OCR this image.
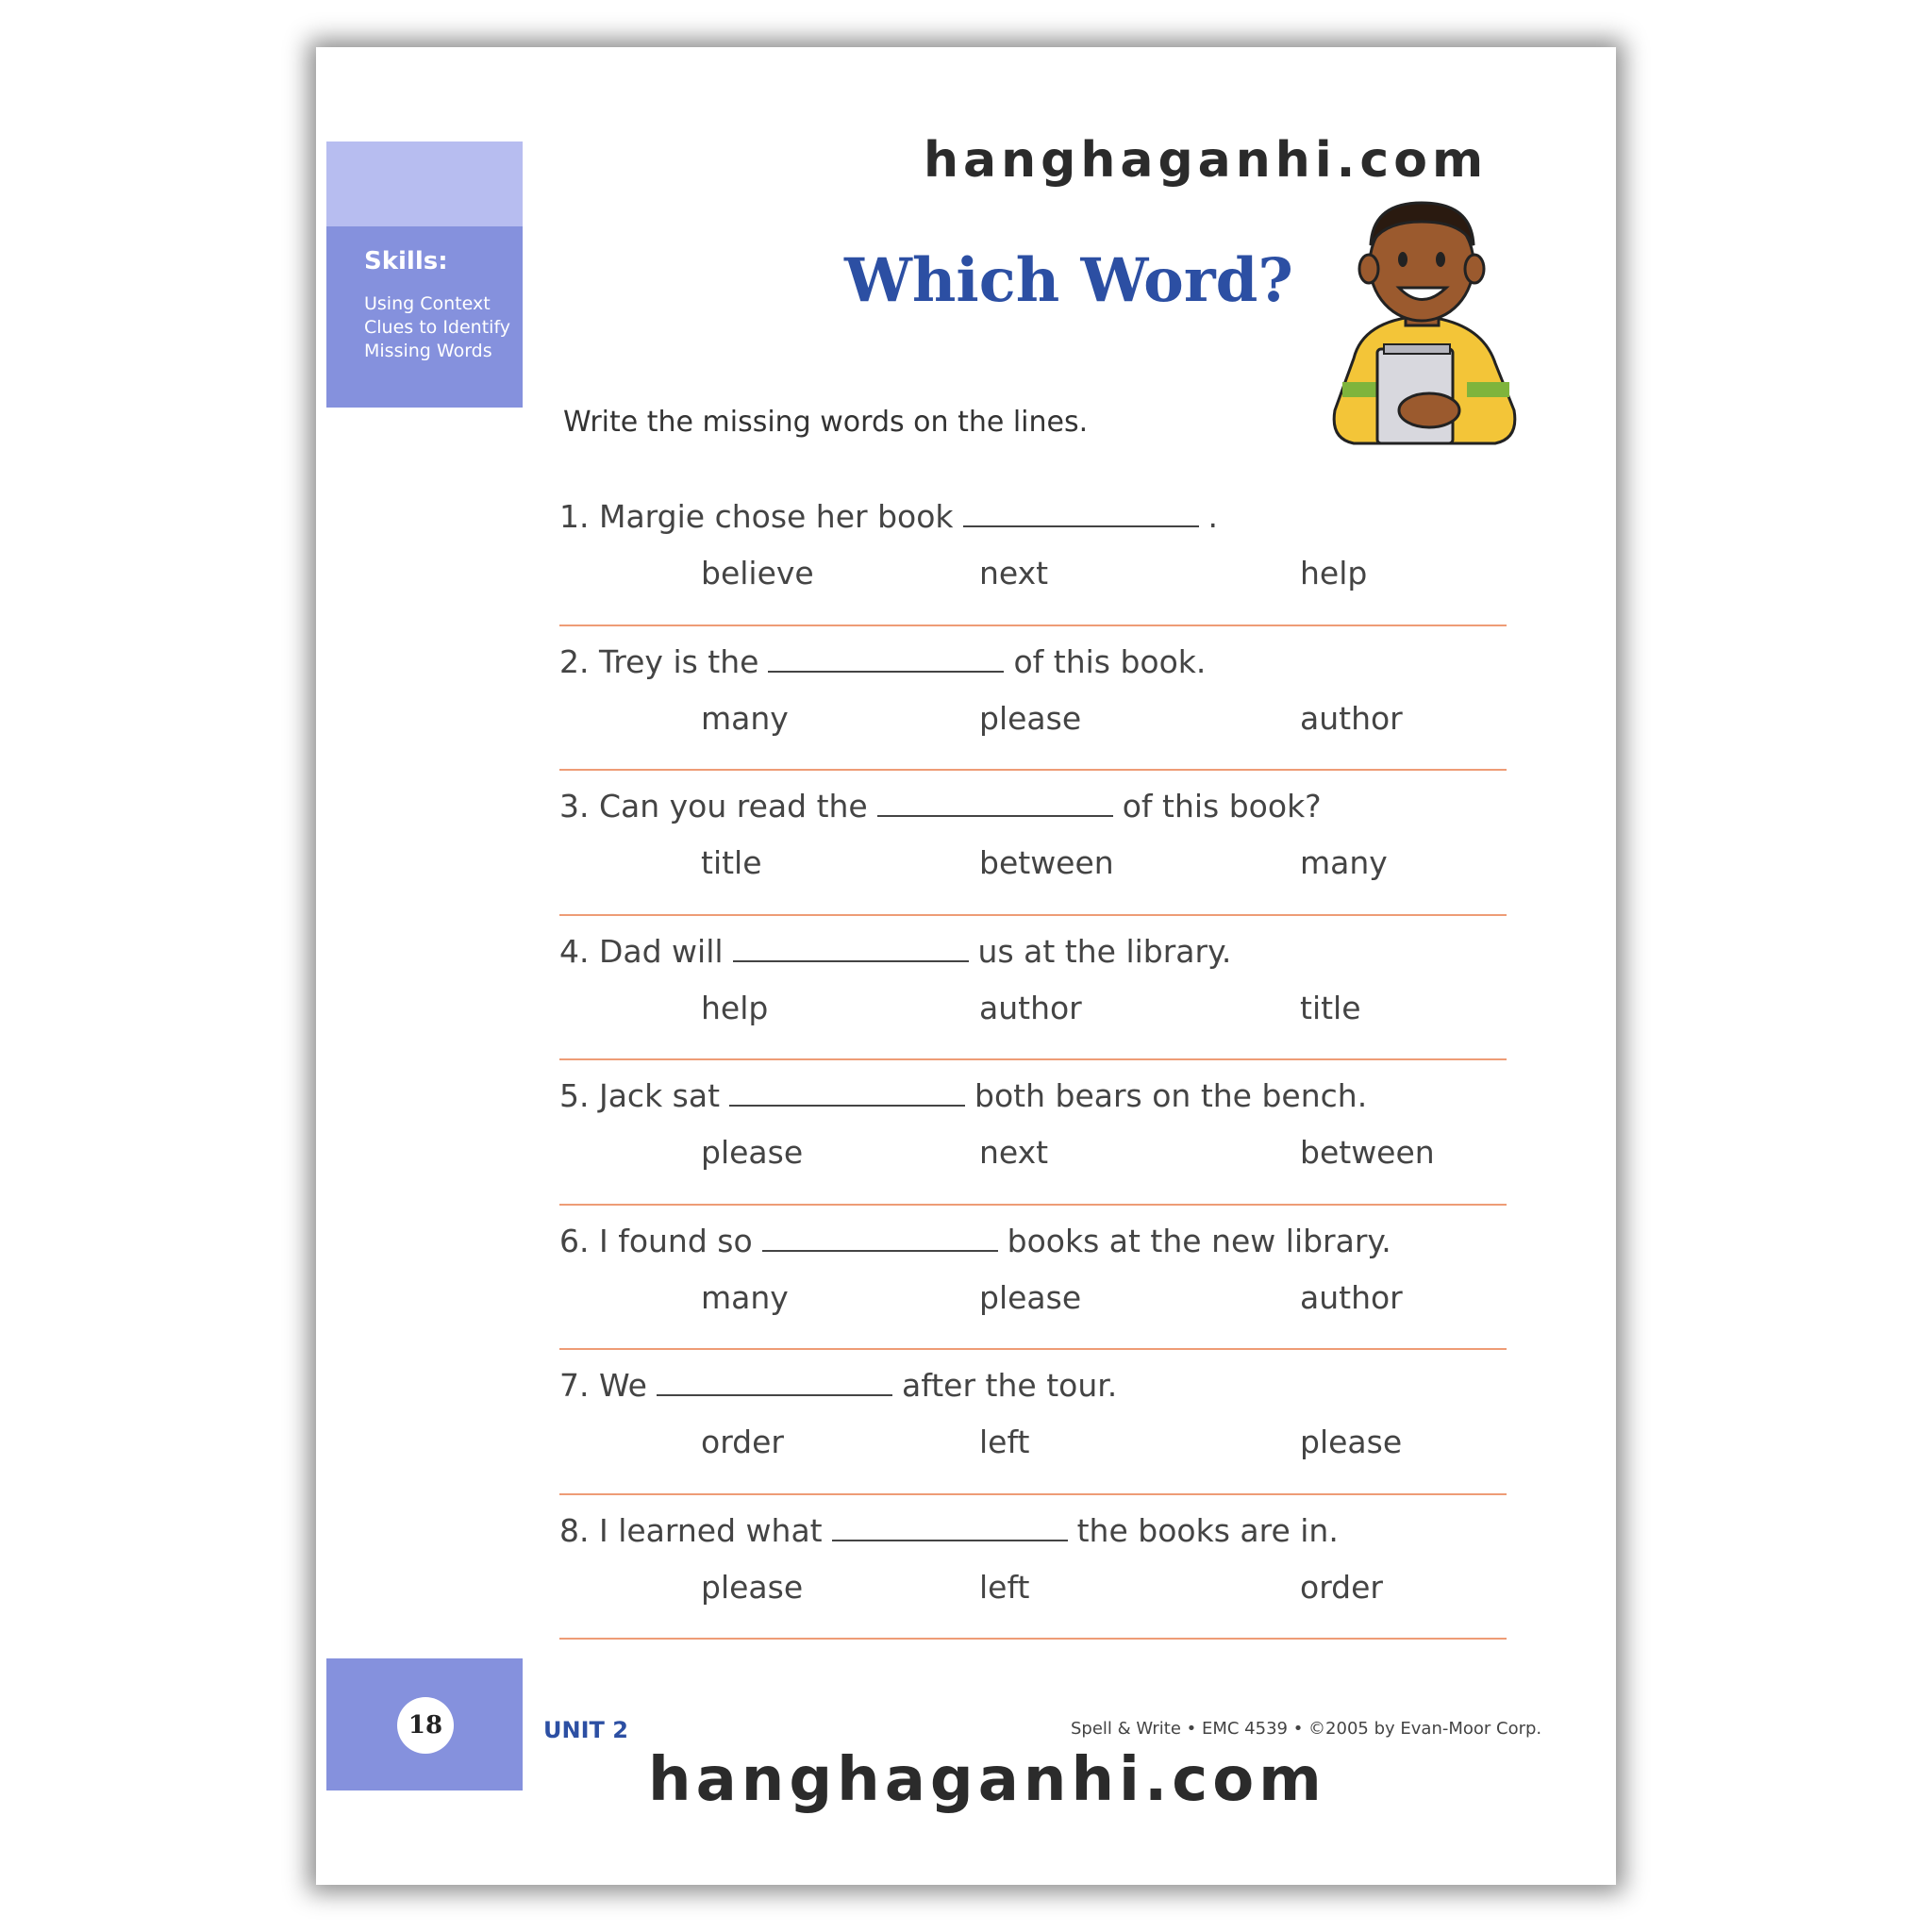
Skills:
Using Context Clues to Identify Missing Words
hanghaganhi.com
Which Word?
Write the missing words on the lines.
1. Margie chose her book	.
believe	next	help
2. Trey is the	of this book.
many	please	author
3. Can you read the	of this book?
title	between	many
4. Dad will	us at the library.
help	author	title
5. Jack sat	both bears on the bench.
please	next	between
6. I found so	books at the new library.
many	please	author
7. We	after the tour.
order	left	please
8. I learned what	the books are in.
please	left	order
18	UNIT 2	Spell & Write • EMC 4539 • ©2005 by Evan-Moor Corp.
hanghaganhi.com
